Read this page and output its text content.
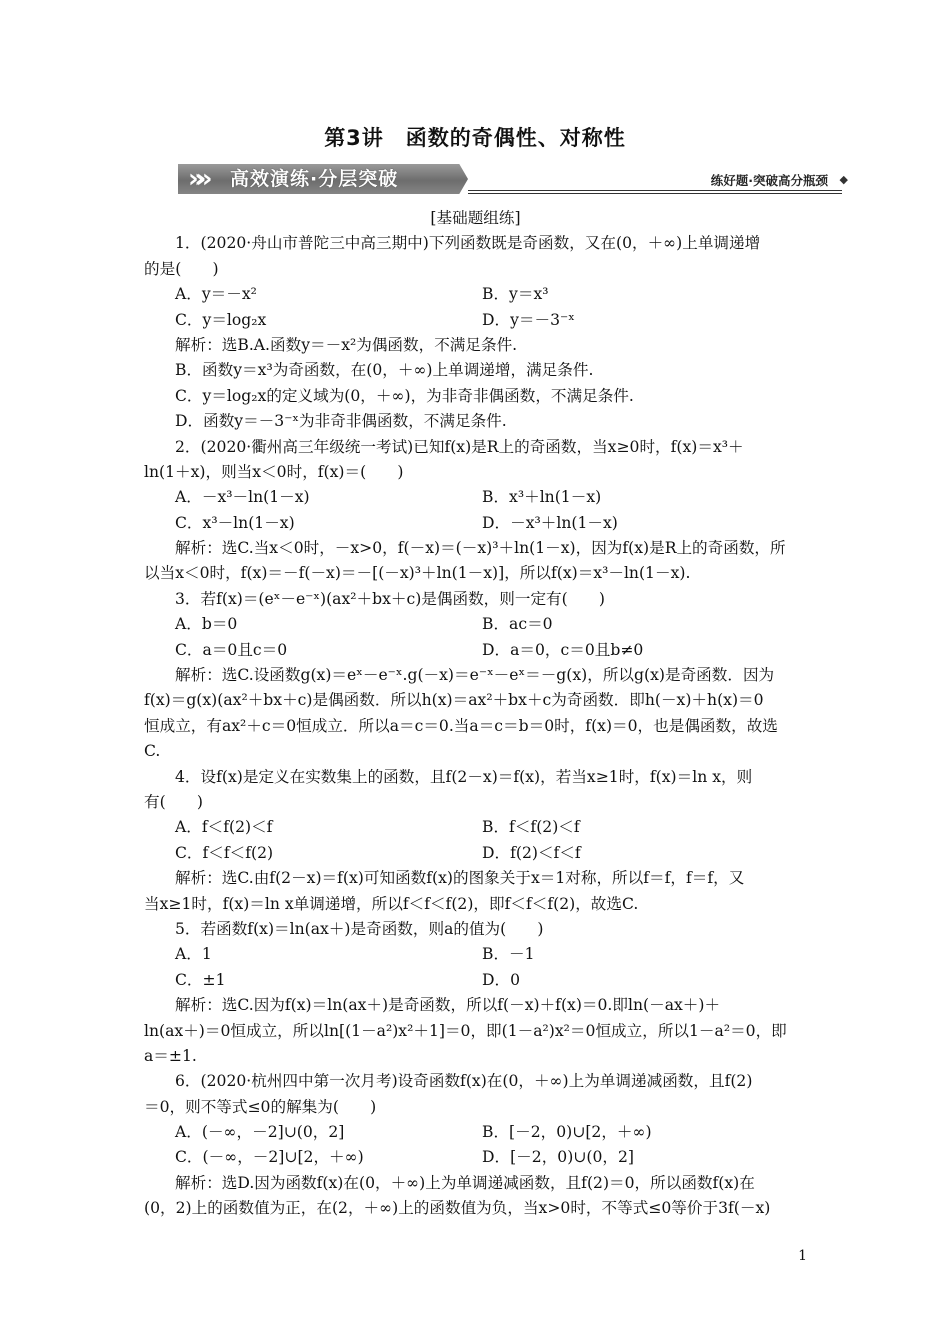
第3讲　函数的奇偶性、对称性
»» 高效演练·分层突破	练好题·突破高分瓶颈 ◆
[基础题组练]
1．(2020·舟山市普陀三中高三期中)下列函数既是奇函数，又在(0，＋∞)上单调递增
的是(　　)
A．y＝－x²	B．y＝x³
C．y＝log₂x	D．y＝－3⁻ˣ
解析：选B.A.函数y＝－x²为偶函数，不满足条件.
B．函数y＝x³为奇函数，在(0，＋∞)上单调递增，满足条件.
C．y＝log₂x的定义域为(0，＋∞)，为非奇非偶函数，不满足条件.
D．函数y＝－3⁻ˣ为非奇非偶函数，不满足条件.
2．(2020·衢州高三年级统一考试)已知f(x)是R上的奇函数，当x≥0时，f(x)＝x³＋
ln(1＋x)，则当x＜0时，f(x)＝(　　)
A．－x³－ln(1－x)	B．x³＋ln(1－x)
C．x³－ln(1－x)	D．－x³＋ln(1－x)
解析：选C.当x＜0时，－x>0，f(－x)＝(－x)³＋ln(1－x)，因为f(x)是R上的奇函数，所
以当x＜0时，f(x)＝－f(－x)＝－[(－x)³＋ln(1－x)]，所以f(x)＝x³－ln(1－x).
3．若f(x)＝(eˣ－e⁻ˣ)(ax²＋bx＋c)是偶函数，则一定有(　　)
A．b＝0	B．ac＝0
C．a＝0且c＝0	D．a＝0，c＝0且b≠0
解析：选C.设函数g(x)＝eˣ－e⁻ˣ.g(－x)＝e⁻ˣ－eˣ＝－g(x)，所以g(x)是奇函数．因为
f(x)＝g(x)(ax²＋bx＋c)是偶函数．所以h(x)＝ax²＋bx＋c为奇函数．即h(－x)＋h(x)＝0
恒成立，有ax²＋c＝0恒成立．所以a＝c＝0.当a＝c＝b＝0时，f(x)＝0，也是偶函数，故选
C.
4．设f(x)是定义在实数集上的函数，且f(2－x)＝f(x)，若当x≥1时，f(x)＝ln x，则
有(　　)
A．f＜f(2)＜f	B．f＜f(2)＜f
C．f＜f＜f(2)	D．f(2)＜f＜f
解析：选C.由f(2－x)＝f(x)可知函数f(x)的图象关于x＝1对称，所以f＝f，f＝f，又
当x≥1时，f(x)＝ln x单调递增，所以f＜f＜f(2)，即f＜f＜f(2)，故选C.
5．若函数f(x)＝ln(ax＋)是奇函数，则a的值为(　　)
A．1	B．－1
C．±1	D．0
解析：选C.因为f(x)＝ln(ax＋)是奇函数，所以f(－x)＋f(x)＝0.即ln(－ax＋)＋
ln(ax＋)＝0恒成立，所以ln[(1－a²)x²＋1]＝0，即(1－a²)x²＝0恒成立，所以1－a²＝0，即
a＝±1.
6．(2020·杭州四中第一次月考)设奇函数f(x)在(0，＋∞)上为单调递减函数，且f(2)
＝0，则不等式≤0的解集为(　　)
A．(－∞，－2]∪(0，2]	B．[－2，0)∪[2，＋∞)
C．(－∞，－2]∪[2，＋∞)	D．[－2，0)∪(0，2]
解析：选D.因为函数f(x)在(0，＋∞)上为单调递减函数，且f(2)＝0，所以函数f(x)在
(0，2)上的函数值为正，在(2，＋∞)上的函数值为负，当x>0时，不等式≤0等价于3f(－x)
1
